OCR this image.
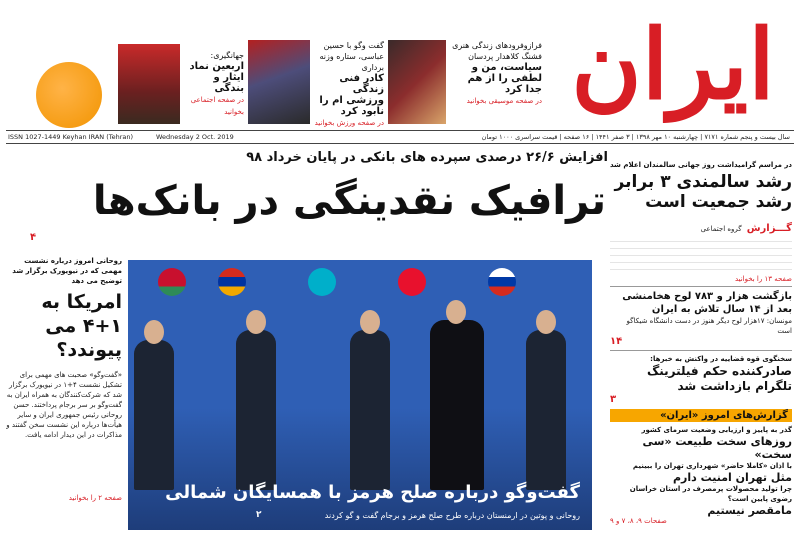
ایران
فرازوفرودهای زندگی هنری فشنگ کلاهدار پردسان
سیاست، من و لطفی را از هم جدا کرد
در صفحه موسیقی بخوانید
گفت وگو با حسین عباسی، ستاره وزنه برداری
کادر فنی زندگی ورزشی ام را نابود کرد
در صفحه ورزش بخوانید
جهانگیری:
اربعین نماد ایثار و بندگی
در صفحه اجتماعی بخوانید
سال بیست و پنجم شماره ۷۱۷۱ | چهارشنبه ۱۰ مهر ۱۳۹۸ | ۳ صفر ۱۴۴۱ | ۱۶ صفحه | قیمت سراسری ۱۰۰۰ تومان
Wednesday 2 Oct. 2019
ISSN 1027-1449 Keyhan IRAN (Tehran)
افزایش ۲۶/۶ درصدی سپرده های بانکی در پایان خرداد ۹۸
ترافیک نقدینگی در بانک‌ها
۴
در مراسم گرامیداشت روز جهانی سالمندان اعلام شد
رشد سالمندی ۳ برابر رشد جمعیت است
گـــزارش گروه اجتماعی
صفحه ۱۳ را بخوانید
بازگشت هزار و ۷۸۳ لوح هخامنشی بعد از ۱۴ سال تلاش به ایران
مونسان: ۱۷هزار لوح دیگر هنوز در دست دانشگاه شیکاگو است
۱۴
سخنگوی قوه قضاییه در واکنش به خبرها:
صادرکننده حکم فیلترینگ تلگرام بازداشت شد
۳
گزارش‌های امروز «ایران»
گذر به پاییز و ارزیابی وضعیت سرمای کشور
روزهای سخت طبیعت «سی سخت»
با اذان «کاملا حاضر» شهرداری تهران را ببینیم
مثل تهران امنیت دارم
چرا تولید محصولات پرمصرف در استان خراسان رضوی پایین است؟
مامقصر نیستیم
صفحات ۹، ۸، ۷ و ۹
روحانی امروز درباره نشست مهمی که در نیویورک برگزار شد توضیح می دهد
امریکا به ۱+۴ می پیوندد؟
«گفت‌وگو» صحبت های مهمی برای تشکیل نشست ۴+۱ در نیویورک برگزار شد که شرکت‌کنندگان به همراه ایران به گفت‌وگو بر سر برجام پرداختند. حسن روحانی رئیس جمهوری ایران و سایر هیأت‌ها درباره این نشست سخن گفتند و مذاکرات در این دیدار ادامه یافت.
صفحه ۲ را بخوانید گفت‌وگو درباره صلح هرمز با همسایگان شمالی
روحانی و پوتین در ارمنستان درباره طرح صلح هرمز و برجام گفت و گو کردند
۲
